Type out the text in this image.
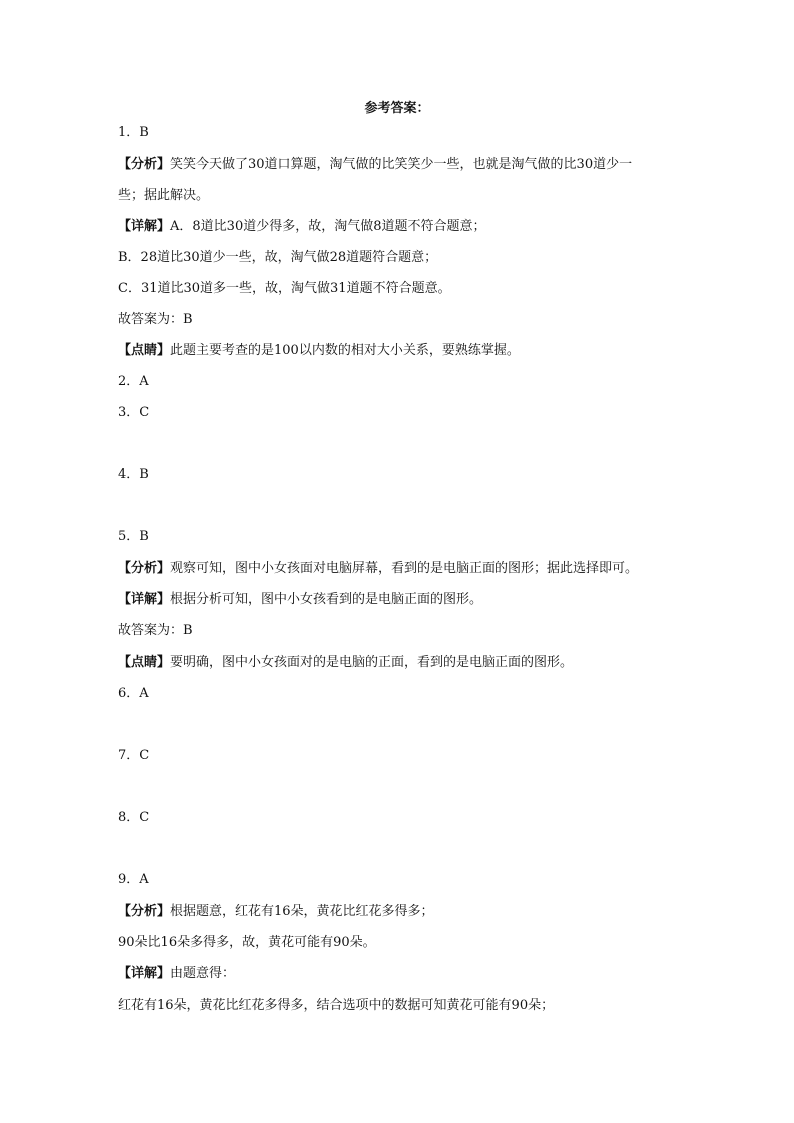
参考答案：
1．B
【分析】笑笑今天做了30道口算题，淘气做的比笑笑少一些，也就是淘气做的比30道少一
些；据此解决。
【详解】A．8道比30道少得多，故，淘气做8道题不符合题意；
B．28道比30道少一些，故，淘气做28道题符合题意；
C．31道比30道多一些，故，淘气做31道题不符合题意。
故答案为：B
【点睛】此题主要考查的是100以内数的相对大小关系，要熟练掌握。
2．A
3．C
4．B
5．B
【分析】观察可知，图中小女孩面对电脑屏幕，看到的是电脑正面的图形；据此选择即可。
【详解】根据分析可知，图中小女孩看到的是电脑正面的图形。
故答案为：B
【点睛】要明确，图中小女孩面对的是电脑的正面，看到的是电脑正面的图形。
6．A
7．C
8．C
9．A
【分析】根据题意，红花有16朵，黄花比红花多得多；
90朵比16朵多得多，故，黄花可能有90朵。
【详解】由题意得：
红花有16朵，黄花比红花多得多，结合选项中的数据可知黄花可能有90朵；
